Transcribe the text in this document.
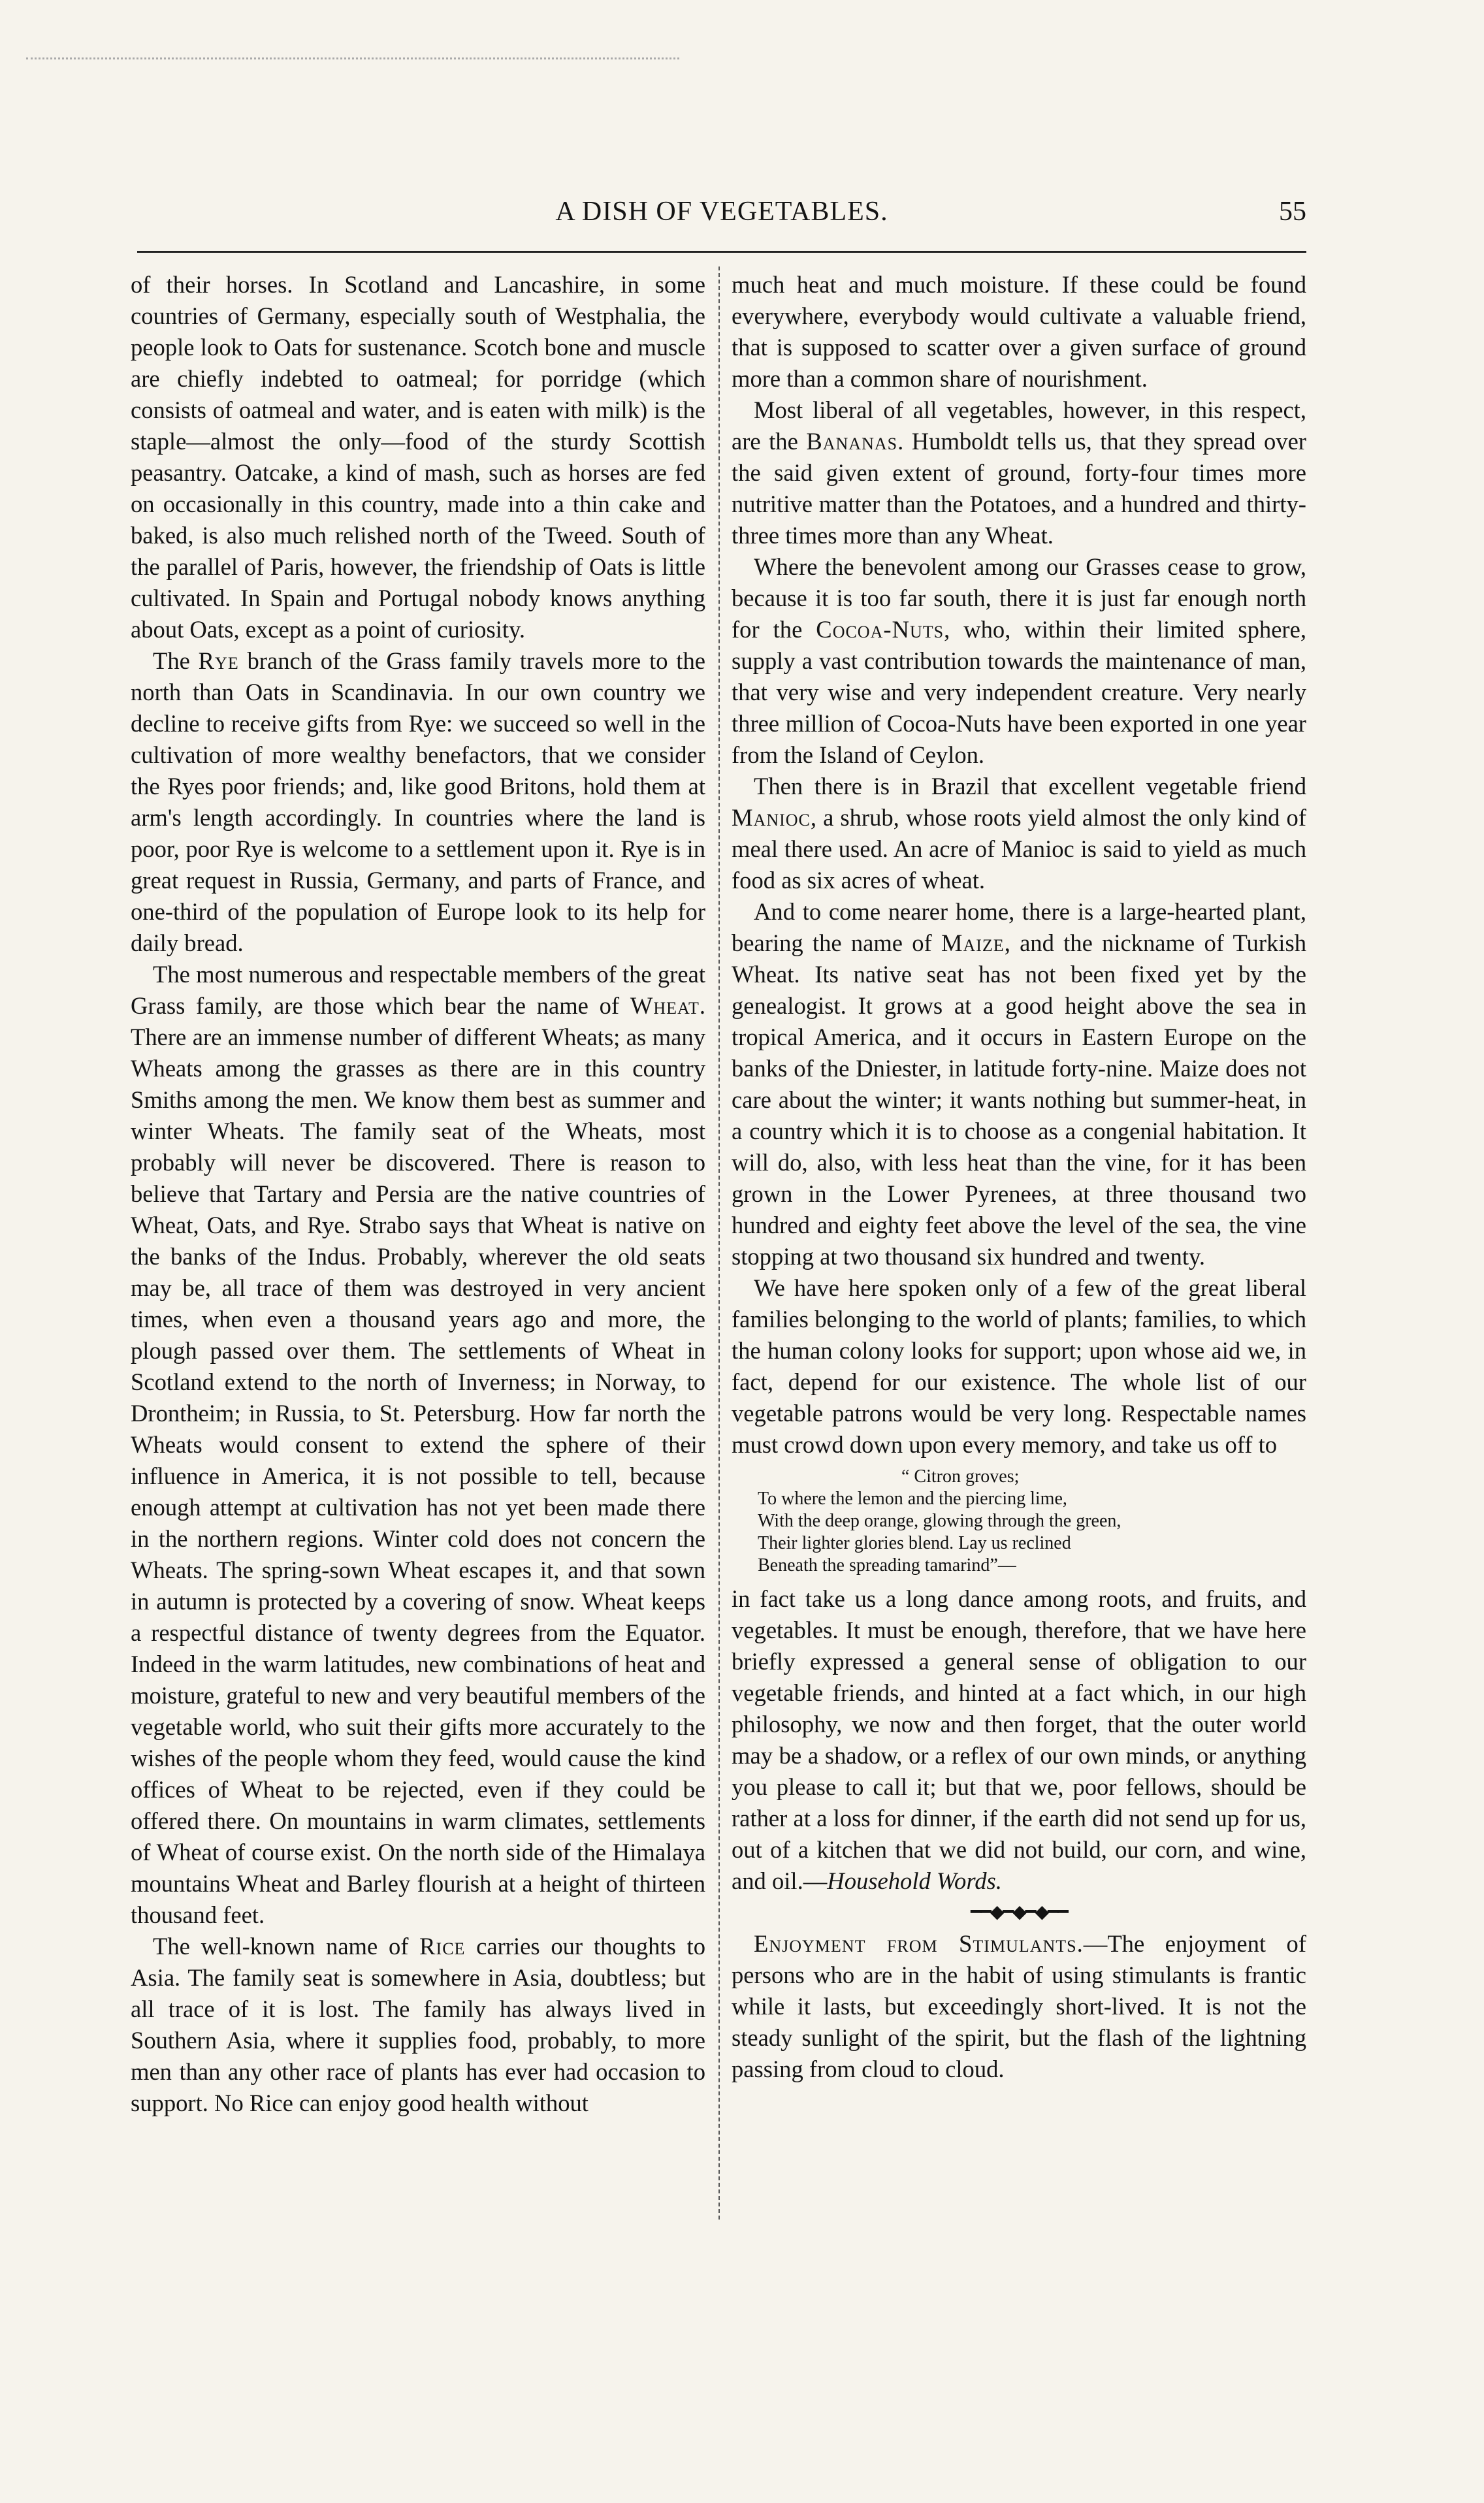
A DISH OF VEGETABLES.	55

of their horses. In Scotland and Lancashire, in some countries of Germany, especially south of Westphalia, the people look to Oats for sustenance. Scotch bone and muscle are chiefly indebted to oatmeal; for porridge (which consists of oatmeal and water, and is eaten with milk) is the staple—almost the only—food of the sturdy Scottish peasantry. Oatcake, a kind of mash, such as horses are fed on occasionally in this country, made into a thin cake and baked, is also much relished north of the Tweed. South of the parallel of Paris, however, the friendship of Oats is little cultivated. In Spain and Portugal nobody knows anything about Oats, except as a point of curiosity.

The Rye branch of the Grass family travels more to the north than Oats in Scandinavia. In our own country we decline to receive gifts from Rye: we succeed so well in the cultivation of more wealthy benefactors, that we consider the Ryes poor friends; and, like good Britons, hold them at arm's length accordingly. In countries where the land is poor, poor Rye is welcome to a settlement upon it. Rye is in great request in Russia, Germany, and parts of France, and one-third of the population of Europe look to its help for daily bread.

The most numerous and respectable members of the great Grass family, are those which bear the name of Wheat. There are an immense number of different Wheats; as many Wheats among the grasses as there are in this country Smiths among the men. We know them best as summer and winter Wheats. The family seat of the Wheats, most probably will never be discovered. There is reason to believe that Tartary and Persia are the native countries of Wheat, Oats, and Rye. Strabo says that Wheat is native on the banks of the Indus. Probably, wherever the old seats may be, all trace of them was destroyed in very ancient times, when even a thousand years ago and more, the plough passed over them. The settlements of Wheat in Scotland extend to the north of Inverness; in Norway, to Drontheim; in Russia, to St. Petersburg. How far north the Wheats would consent to extend the sphere of their influence in America, it is not possible to tell, because enough attempt at cultivation has not yet been made there in the northern regions. Winter cold does not concern the Wheats. The spring-sown Wheat escapes it, and that sown in autumn is protected by a covering of snow. Wheat keeps a respectful distance of twenty degrees from the Equator. Indeed in the warm latitudes, new combinations of heat and moisture, grateful to new and very beautiful members of the vegetable world, who suit their gifts more accurately to the wishes of the people whom they feed, would cause the kind offices of Wheat to be rejected, even if they could be offered there. On mountains in warm climates, settlements of Wheat of course exist. On the north side of the Himalaya mountains Wheat and Barley flourish at a height of thirteen thousand feet.

The well-known name of Rice carries our thoughts to Asia. The family seat is somewhere in Asia, doubtless; but all trace of it is lost. The family has always lived in Southern Asia, where it supplies food, probably, to more men than any other race of plants has ever had occasion to support. No Rice can enjoy good health without

much heat and much moisture. If these could be found everywhere, everybody would cultivate a valuable friend, that is supposed to scatter over a given surface of ground more than a common share of nourishment.

Most liberal of all vegetables, however, in this respect, are the Bananas. Humboldt tells us, that they spread over the said given extent of ground, forty-four times more nutritive matter than the Potatoes, and a hundred and thirty-three times more than any Wheat.

Where the benevolent among our Grasses cease to grow, because it is too far south, there it is just far enough north for the Cocoa-Nuts, who, within their limited sphere, supply a vast contribution towards the maintenance of man, that very wise and very independent creature. Very nearly three million of Cocoa-Nuts have been exported in one year from the Island of Ceylon.

Then there is in Brazil that excellent vegetable friend Manioc, a shrub, whose roots yield almost the only kind of meal there used. An acre of Manioc is said to yield as much food as six acres of wheat.

And to come nearer home, there is a large-hearted plant, bearing the name of Maize, and the nickname of Turkish Wheat. Its native seat has not been fixed yet by the genealogist. It grows at a good height above the sea in tropical America, and it occurs in Eastern Europe on the banks of the Dniester, in latitude forty-nine. Maize does not care about the winter; it wants nothing but summer-heat, in a country which it is to choose as a congenial habitation. It will do, also, with less heat than the vine, for it has been grown in the Lower Pyrenees, at three thousand two hundred and eighty feet above the level of the sea, the vine stopping at two thousand six hundred and twenty.

We have here spoken only of a few of the great liberal families belonging to the world of plants; families, to which the human colony looks for support; upon whose aid we, in fact, depend for our existence. The whole list of our vegetable patrons would be very long. Respectable names must crowd down upon every memory, and take us off to

“ Citron groves;
To where the lemon and the piercing lime,
With the deep orange, glowing through the green,
Their lighter glories blend. Lay us reclined
Beneath the spreading tamarind”—

in fact take us a long dance among roots, and fruits, and vegetables. It must be enough, therefore, that we have here briefly expressed a general sense of obligation to our vegetable friends, and hinted at a fact which, in our high philosophy, we now and then forget, that the outer world may be a shadow, or a reflex of our own minds, or anything you please to call it; but that we, poor fellows, should be rather at a loss for dinner, if the earth did not send up for us, out of a kitchen that we did not build, our corn, and wine, and oil.—Household Words.

━━◆━◆━◆━━

Enjoyment from Stimulants.—The enjoyment of persons who are in the habit of using stimulants is frantic while it lasts, but exceedingly short-lived. It is not the steady sunlight of the spirit, but the flash of the lightning passing from cloud to cloud.
